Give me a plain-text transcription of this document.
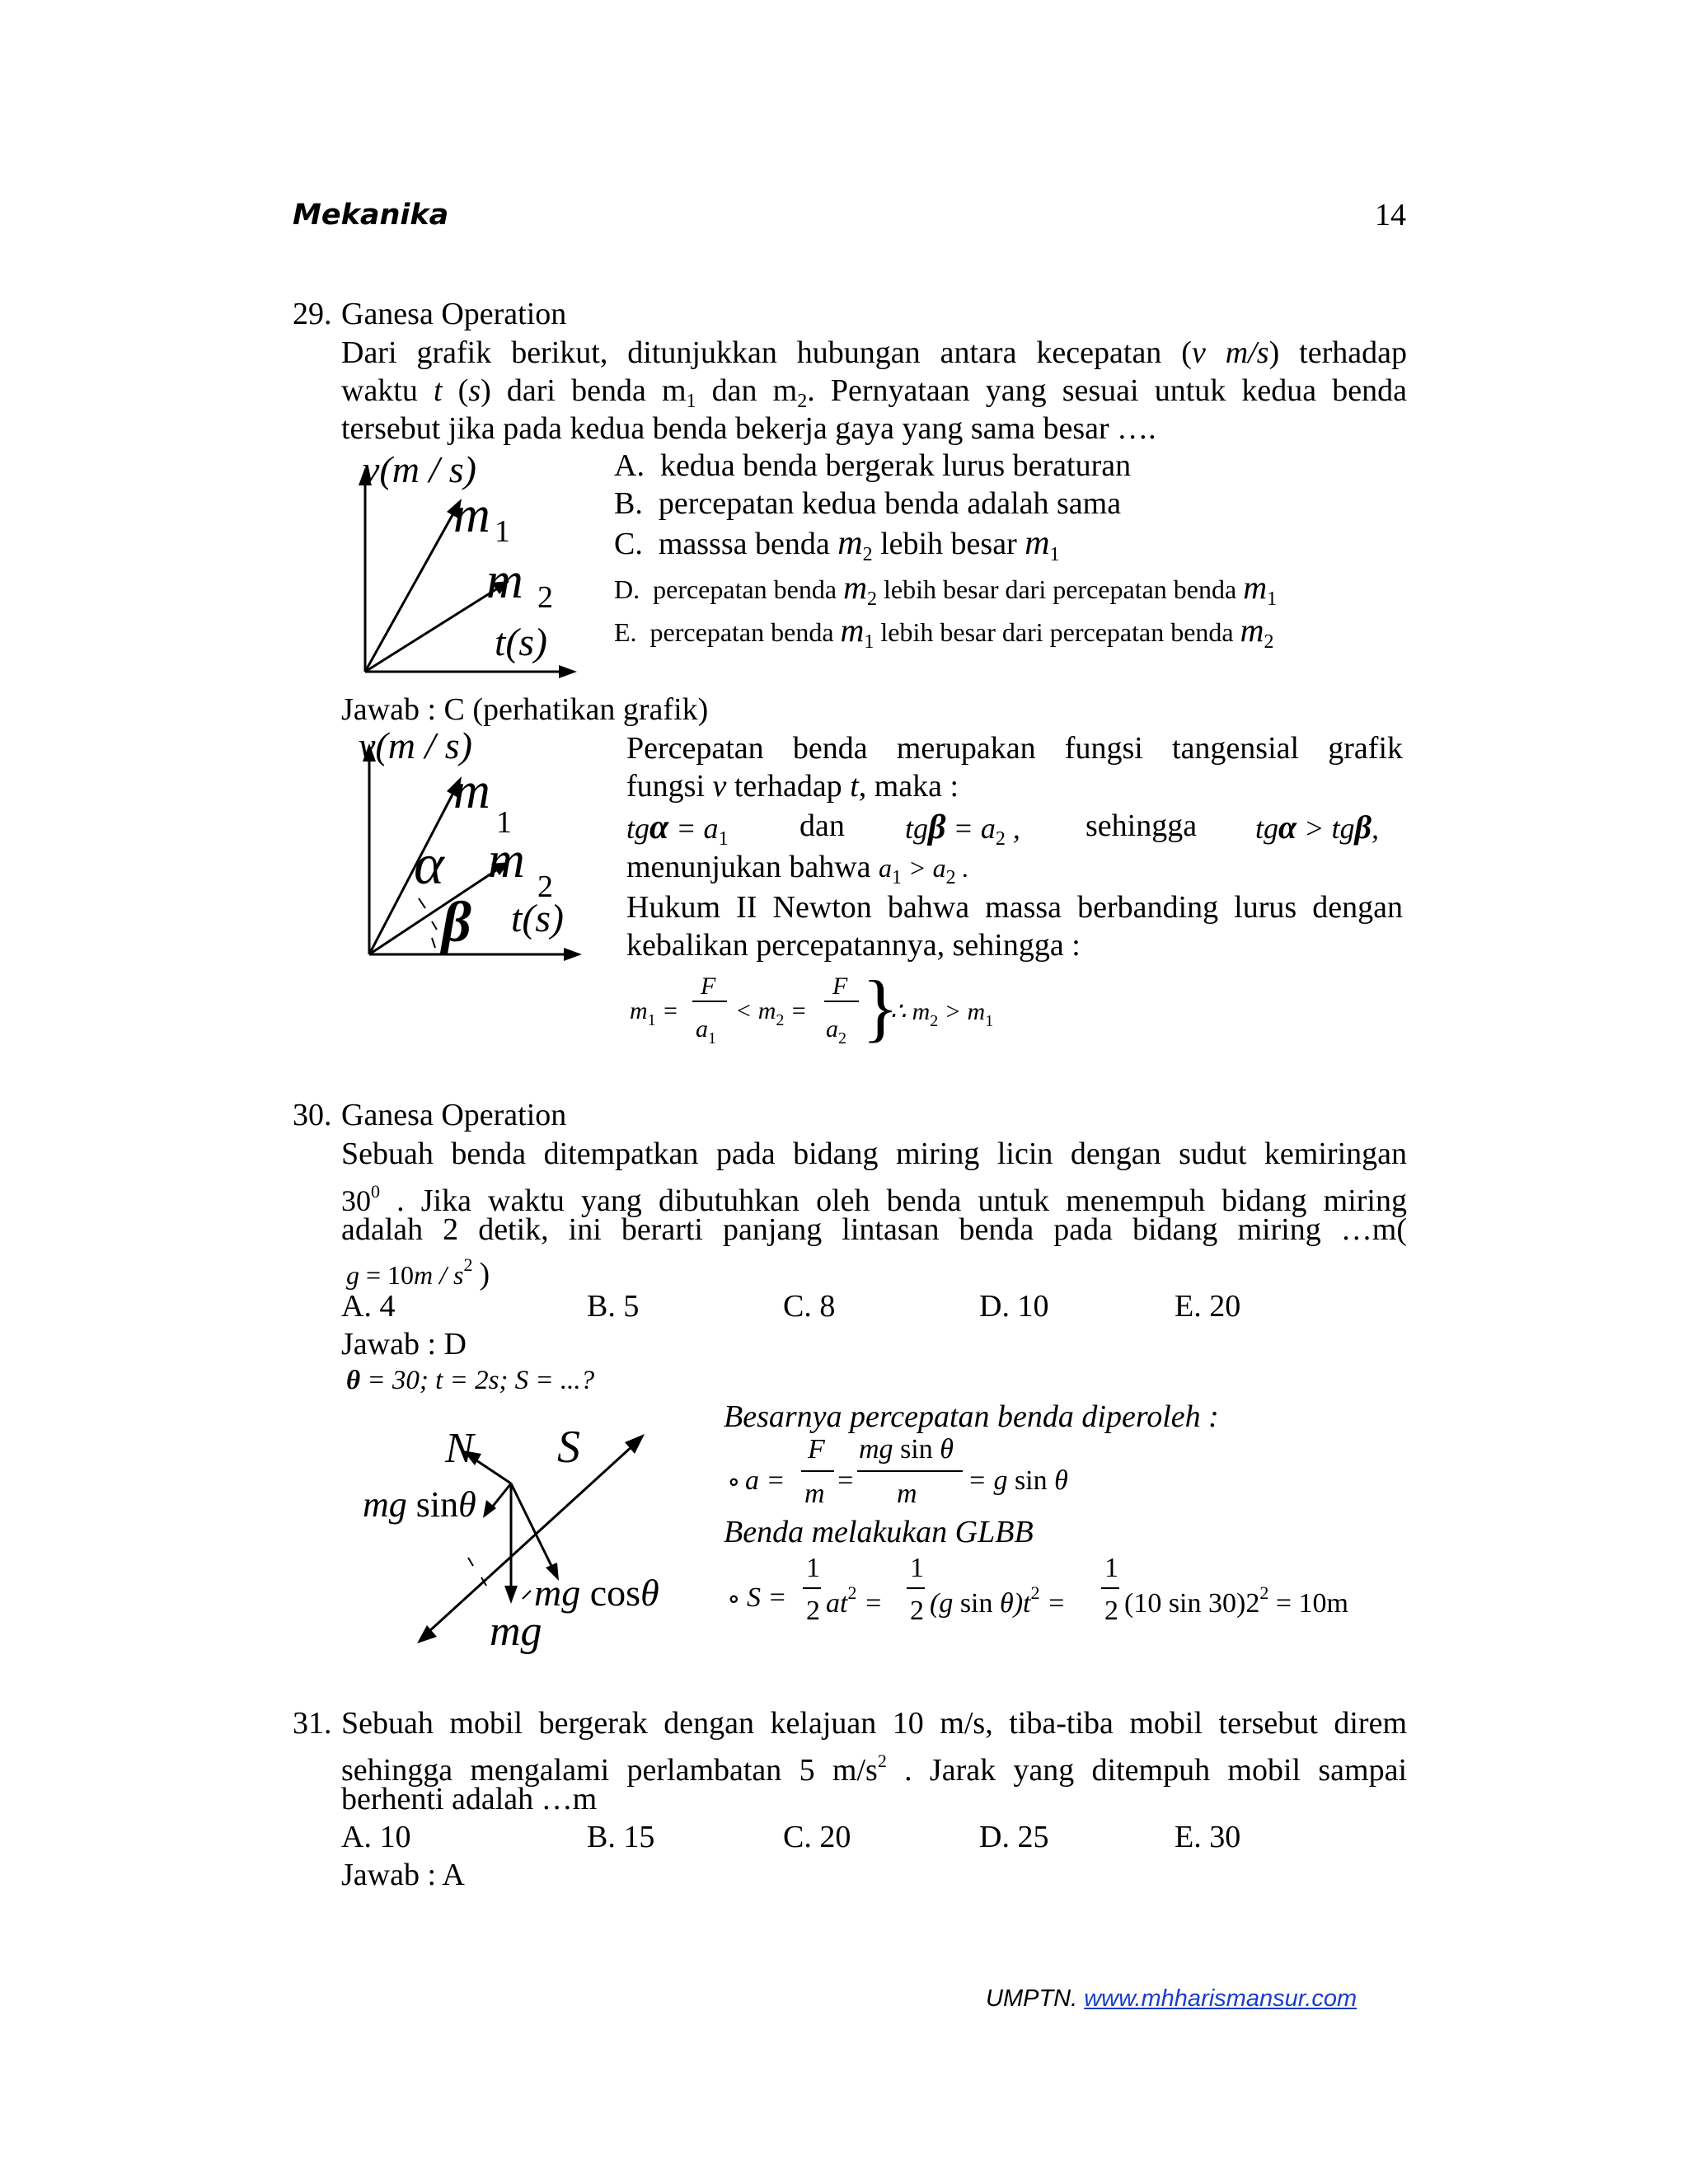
Mekanika	14
29. Ganesa Operation
Dari grafik berikut, ditunjukkan hubungan antara kecepatan (v m/s) terhadap
waktu t (s) dari benda $m_1$ dan $m_2$. Pernyataan yang sesuai untuk kedua benda
tersebut jika pada kedua benda bekerja gaya yang sama besar ….
v(m / s)
m 1
m 2
t(s)
A. kedua benda bergerak lurus beraturan
B. percepatan kedua benda adalah sama
C.  masssa benda $m_2$ lebih besar $m_1$
D.  percepatan benda $m_2$ lebih besar dari percepatan benda $m_1$
E.  percepatan benda $m_1$ lebih besar dari percepatan benda $m_2$
Jawab : C (perhatikan grafik)
v(m / s)
m
1
α m 2
β t(s)
Percepatan benda merupakan fungsi tangensial grafik
fungsi v terhadap t, maka :
$tg\alpha = a_1$ dan $tg\beta = a_2$ , sehingga tgα > tgβ,
menunjukan bahwa $a_1 > a_2$ .
Hukum II Newton bahwa massa berbanding lurus dengan
kebalikan percepatannya, sehingga :
$m_1$ =
F
$a_1$
< $m_2$ =
F
$a_2$ }
∴ $m_2 > m_1$
30. Ganesa Operation
Sebuah benda ditempatkan pada bidang miring licin dengan sudut kemiringan
$30^0$ . Jika waktu yang dibutuhkan oleh benda untuk menempuh bidang miring
adalah 2 detik, ini berarti panjang lintasan benda pada bidang miring …m(
$g = 10m / s^2$ )
A. 4	B. 5	C. 8	D. 10	E. 20
Jawab : D
θ = 30; t = 2s; S = ...?
N S
mg sinθ
mg cosθ
mg
Besarnya percepatan benda diperoleh :
∘ a =
F
m =
mg sin θ
m = g sin θ
Benda melakukan GLBB
∘ S =
1
2 $at^2$ =
1
2 (g $\sin \theta)t^2$ =
1
2 (10 $\sin 30)2^2 = 10m$
31. Sebuah mobil bergerak dengan kelajuan 10 m/s, tiba-tiba mobil tersebut direm
sehingga mengalami perlambatan 5 $m/s^2$ . Jarak yang ditempuh mobil sampai
berhenti adalah …m
A. 10	B. 15	C. 20	D. 25	E. 30
Jawab : A
UMPTN. www.mhharismansur.com
